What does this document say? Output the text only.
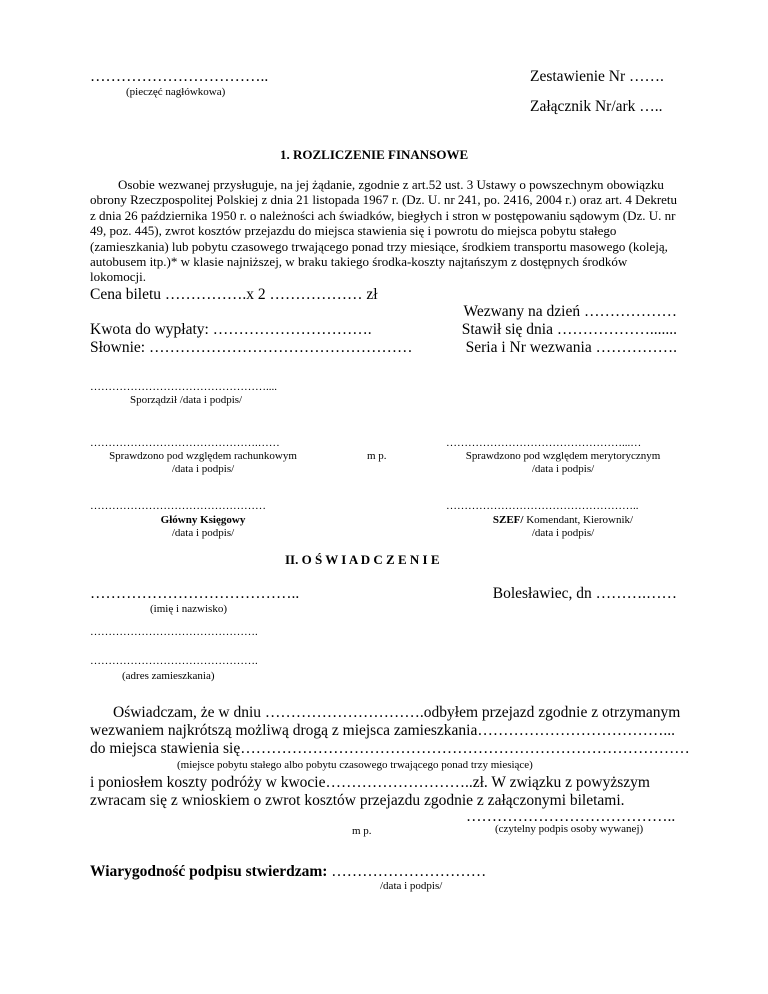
……………………………..
(pieczęć nagłówkowa)
Zestawienie Nr …….
Załącznik Nr/ark …..
1. ROZLICZENIE FINANSOWE
Osobie wezwanej przysługuje, na jej żądanie, zgodnie z art.52 ust. 3 Ustawy o powszechnym obowiązku obrony Rzeczpospolitej Polskiej z dnia 21 listopada 1967 r. (Dz. U. nr 241, po. 2416, 2004 r.) oraz art. 4 Dekretu z dnia 26 października 1950 r. o należności ach świadków, biegłych i stron w postępowaniu sądowym (Dz. U. nr 49, poz. 445), zwrot kosztów przejazdu do miejsca stawienia się i powrotu do miejsca pobytu stałego (zamieszkania) lub pobytu czasowego trwającego ponad trzy miesiące, środkiem transportu masowego (koleją, autobusem itp.)* w klasie najniższej, w braku takiego środka-koszty najtańszym z dostępnych środków lokomocji.
Cena biletu …………….x 2 ……………… zł
Kwota do wypłaty: ………………………….
Słownie: ……………………………………………
Wezwany na dzień ………………
Stawił się dnia ……………….......
Seria i Nr wezwania …………….
…………………………………………....
Sporządził /data i podpis/
……………………………………….……
Sprawdzono pod względem rachunkowym
/data i podpis/
m p.
…………………………………………...…
Sprawdzono pod względem merytorycznym
/data i podpis/
…………………………………………
Główny Księgowy
/data i podpis/
……………………………………………..
SZEF/ Komendant, Kierownik/
/data i podpis/
II. O Ś W I A D C Z E N I E
…………………………………..
(imię i nazwisko)
Bolesławiec, dn ……….……
……………………………………….
……………………………………….
(adres zamieszkania)
Oświadczam, że w dniu ………………………….odbyłem przejazd zgodnie z otrzymanym
wezwaniem najkrótszą możliwą drogą z miejsca zamieszkania………………………………...
do miejsca stawienia się……………………………………………………………………………
(miejsce pobytu stałego albo pobytu czasowego trwającego ponad trzy miesiące)
i poniosłem koszty podróży w kwocie………………………..zł. W związku z powyższym
zwracam się z wnioskiem o zwrot kosztów przejazdu zgodnie z załączonymi biletami.
…………………………………..
m p.	(czytelny podpis osoby wywanej)
Wiarygodność podpisu stwierdzam: …………………………
/data i podpis/
